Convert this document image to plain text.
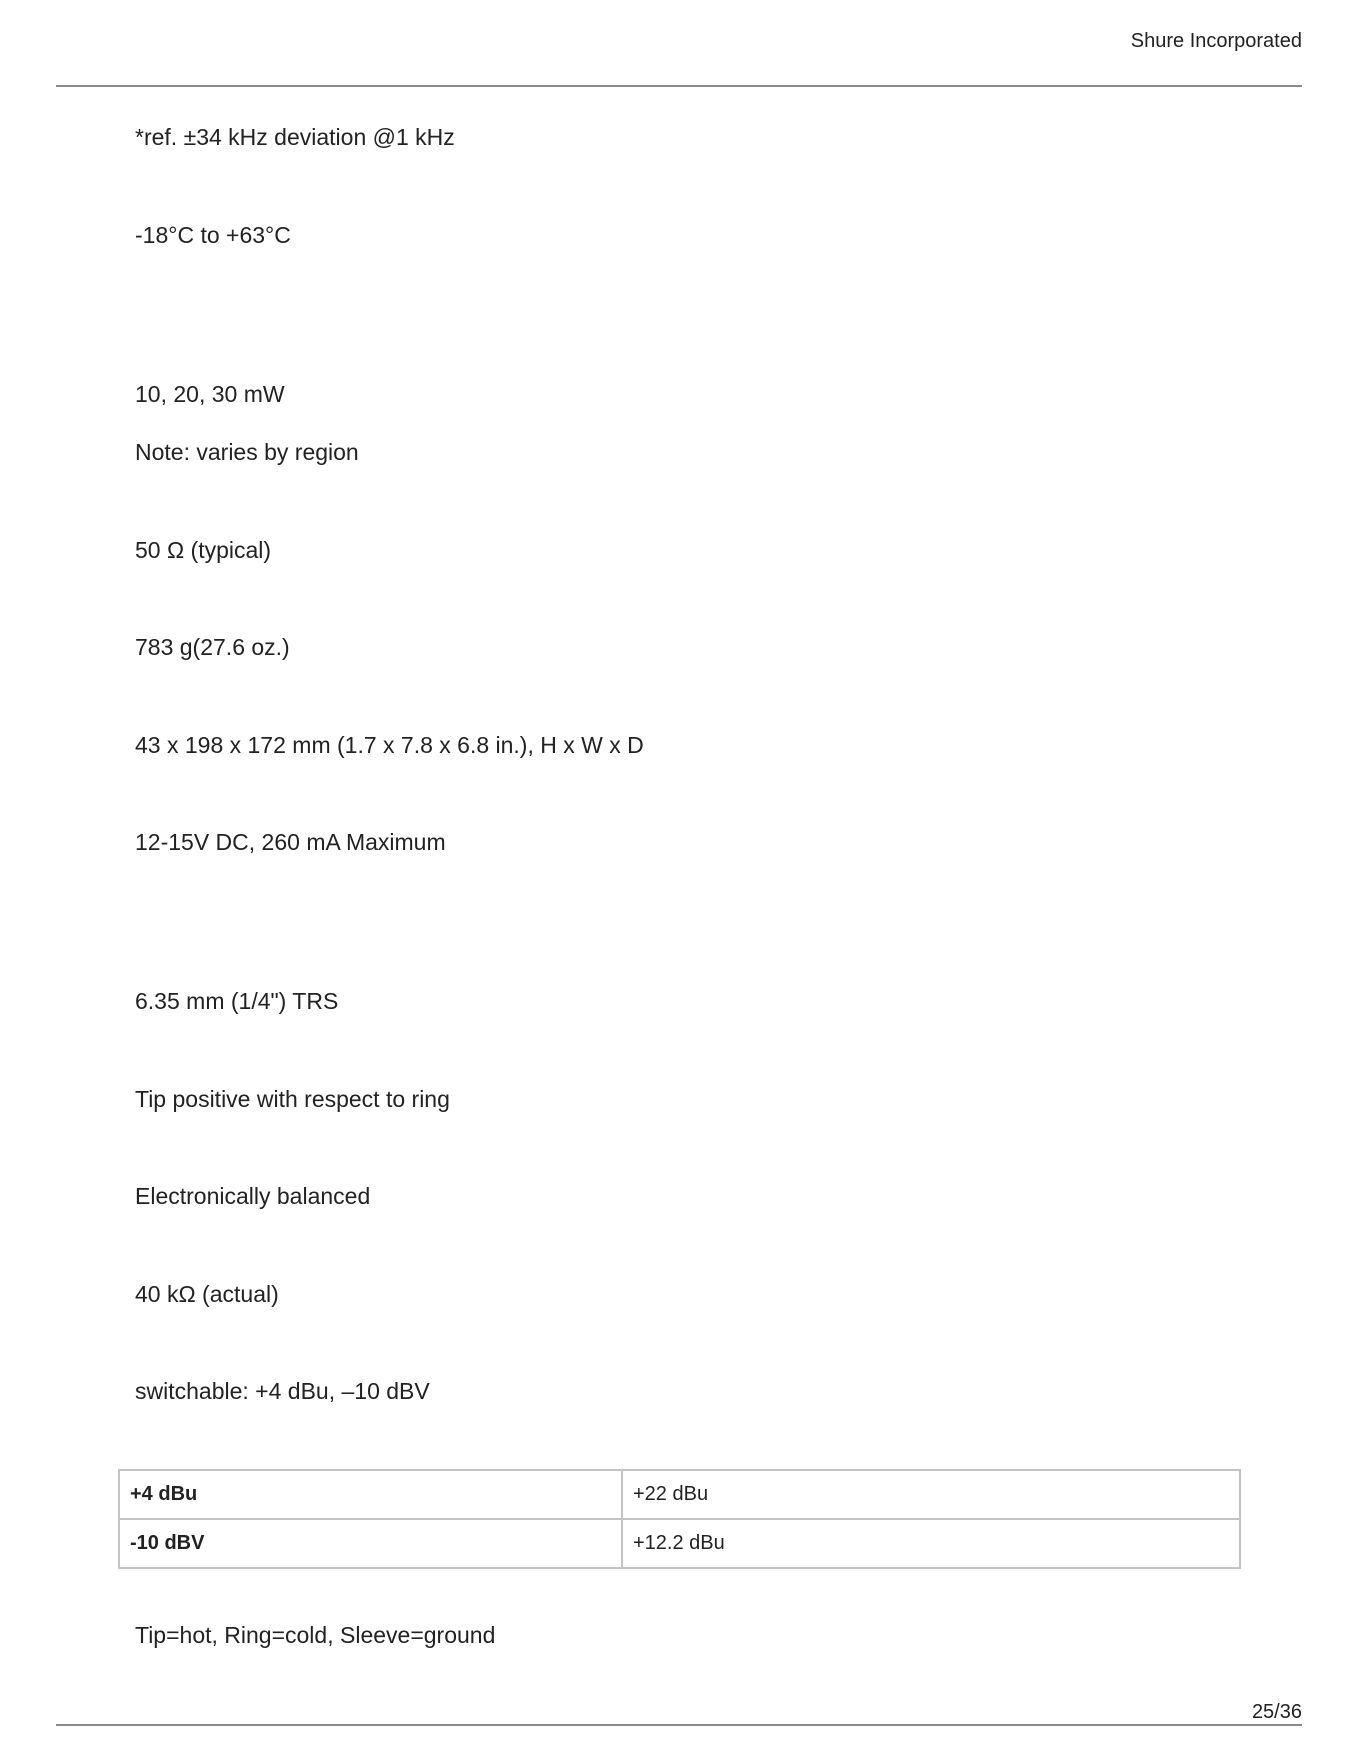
Shure Incorporated
*ref. ±34 kHz deviation @1 kHz
-18°C to +63°C
10, 20, 30 mW
Note: varies by region
50 Ω (typical)
783 g(27.6 oz.)
43 x 198 x 172 mm (1.7 x 7.8 x 6.8 in.), H x W x D
12-15V DC, 260 mA Maximum
6.35 mm (1/4") TRS
Tip positive with respect to ring
Electronically balanced
40 kΩ (actual)
switchable: +4 dBu, –10 dBV
+4 dBu	+22 dBu
-10 dBV	+12.2 dBu
Tip=hot, Ring=cold, Sleeve=ground
25/36
